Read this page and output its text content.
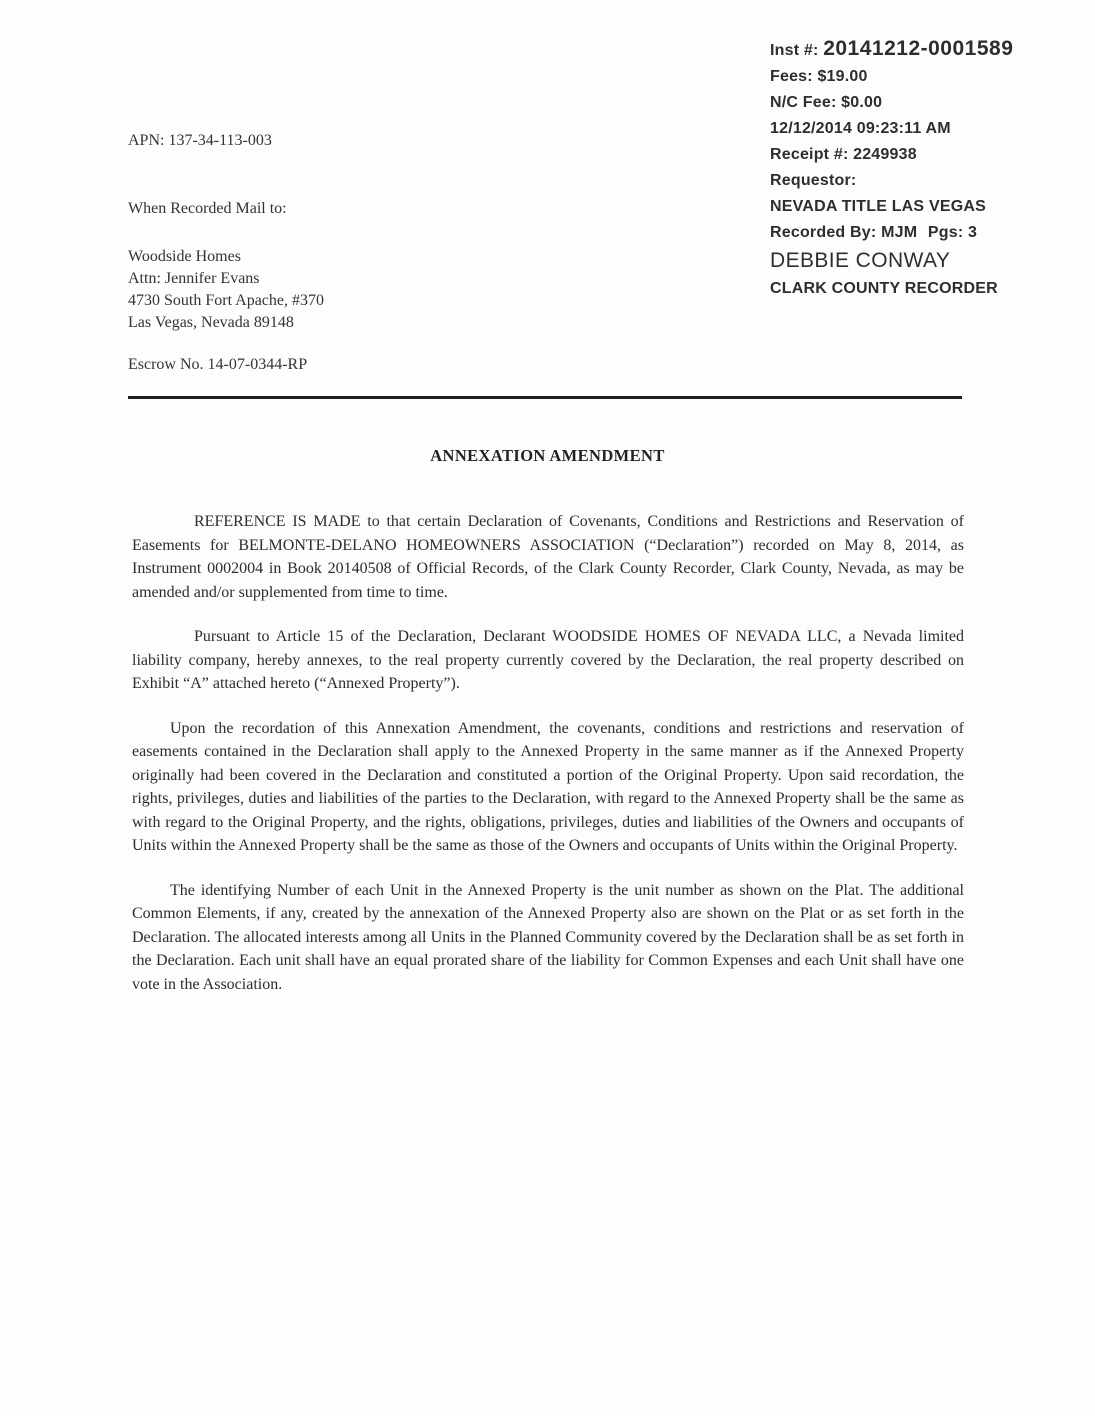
Inst #: 20141212-0001589
Fees: $19.00
N/C Fee: $0.00
12/12/2014 09:23:11 AM
Receipt #: 2249938
Requestor:
NEVADA TITLE LAS VEGAS
Recorded By: MJM Pgs: 3
DEBBIE CONWAY
CLARK COUNTY RECORDER
APN: 137-34-113-003
When Recorded Mail to:
Woodside Homes
Attn: Jennifer Evans
4730 South Fort Apache, #370
Las Vegas, Nevada 89148
Escrow No. 14-07-0344-RP
ANNEXATION AMENDMENT

REFERENCE IS MADE to that certain Declaration of Covenants, Conditions and Restrictions and Reservation of Easements for BELMONTE-DELANO HOMEOWNERS ASSOCIATION (“Declaration”) recorded on May 8, 2014, as Instrument 0002004 in Book 20140508 of Official Records, of the Clark County Recorder, Clark County, Nevada, as may be amended and/or supplemented from time to time.

Pursuant to Article 15 of the Declaration, Declarant WOODSIDE HOMES OF NEVADA LLC, a Nevada limited liability company, hereby annexes, to the real property currently covered by the Declaration, the real property described on Exhibit “A” attached hereto (“Annexed Property”).

Upon the recordation of this Annexation Amendment, the covenants, conditions and restrictions and reservation of easements contained in the Declaration shall apply to the Annexed Property in the same manner as if the Annexed Property originally had been covered in the Declaration and constituted a portion of the Original Property. Upon said recordation, the rights, privileges, duties and liabilities of the parties to the Declaration, with regard to the Annexed Property shall be the same as with regard to the Original Property, and the rights, obligations, privileges, duties and liabilities of the Owners and occupants of Units within the Annexed Property shall be the same as those of the Owners and occupants of Units within the Original Property.

The identifying Number of each Unit in the Annexed Property is the unit number as shown on the Plat. The additional Common Elements, if any, created by the annexation of the Annexed Property also are shown on the Plat or as set forth in the Declaration. The allocated interests among all Units in the Planned Community covered by the Declaration shall be as set forth in the Declaration. Each unit shall have an equal prorated share of the liability for Common Expenses and each Unit shall have one vote in the Association.
